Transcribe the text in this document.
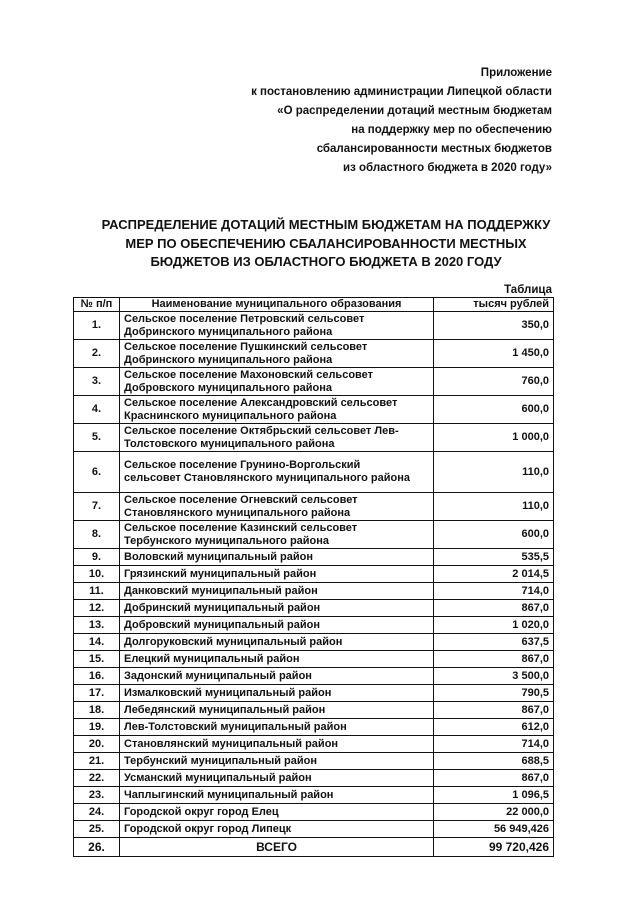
Приложение
к постановлению администрации Липецкой области
«О распределении дотаций местным бюджетам
на поддержку мер по обеспечению
сбалансированности местных бюджетов
из областного бюджета в 2020 году»
РАСПРЕДЕЛЕНИЕ ДОТАЦИЙ МЕСТНЫМ БЮДЖЕТАМ НА ПОДДЕРЖКУ
МЕР ПО ОБЕСПЕЧЕНИЮ СБАЛАНСИРОВАННОСТИ МЕСТНЫХ
БЮДЖЕТОВ ИЗ ОБЛАСТНОГО БЮДЖЕТА В 2020 ГОДУ
Таблица
№ п/п	Наименование муниципального образования	тысяч рублей
1.	Сельское поселение Петровский сельсовет
Добринского муниципального района	350,0
2.	Сельское поселение Пушкинский сельсовет
Добринского муниципального района	1 450,0
3.	Сельское поселение Махоновский сельсовет
Добровского муниципального района	760,0
4.	Сельское поселение Александровский сельсовет
Краснинского муниципального района	600,0
5.	Сельское поселение Октябрьский сельсовет Лев-
Толстовского муниципального района	1 000,0
6.	Сельское поселение Грунино-Воргольский
сельсовет Становлянского муниципального района	110,0
7.	Сельское поселение Огневский сельсовет
Становлянского муниципального района	110,0
8.	Сельское поселение Казинский сельсовет
Тербунского муниципального района	600,0
9.	Воловский муниципальный район	535,5
10.	Грязинский муниципальный район	2 014,5
11.	Данковский муниципальный район	714,0
12.	Добринский муниципальный район	867,0
13.	Добровский муниципальный район	1 020,0
14.	Долгоруковский муниципальный район	637,5
15.	Елецкий муниципальный район	867,0
16.	Задонский муниципальный район	3 500,0
17.	Измалковский муниципальный район	790,5
18.	Лебедянский муниципальный район	867,0
19.	Лев-Толстовский муниципальный район	612,0
20.	Становлянский муниципальный район	714,0
21.	Тербунский муниципальный район	688,5
22.	Усманский муниципальный район	867,0
23.	Чаплыгинский муниципальный район	1 096,5
24.	Городской округ город Елец	22 000,0
25.	Городской округ город Липецк	56 949,426
26.	ВСЕГО	99 720,426
